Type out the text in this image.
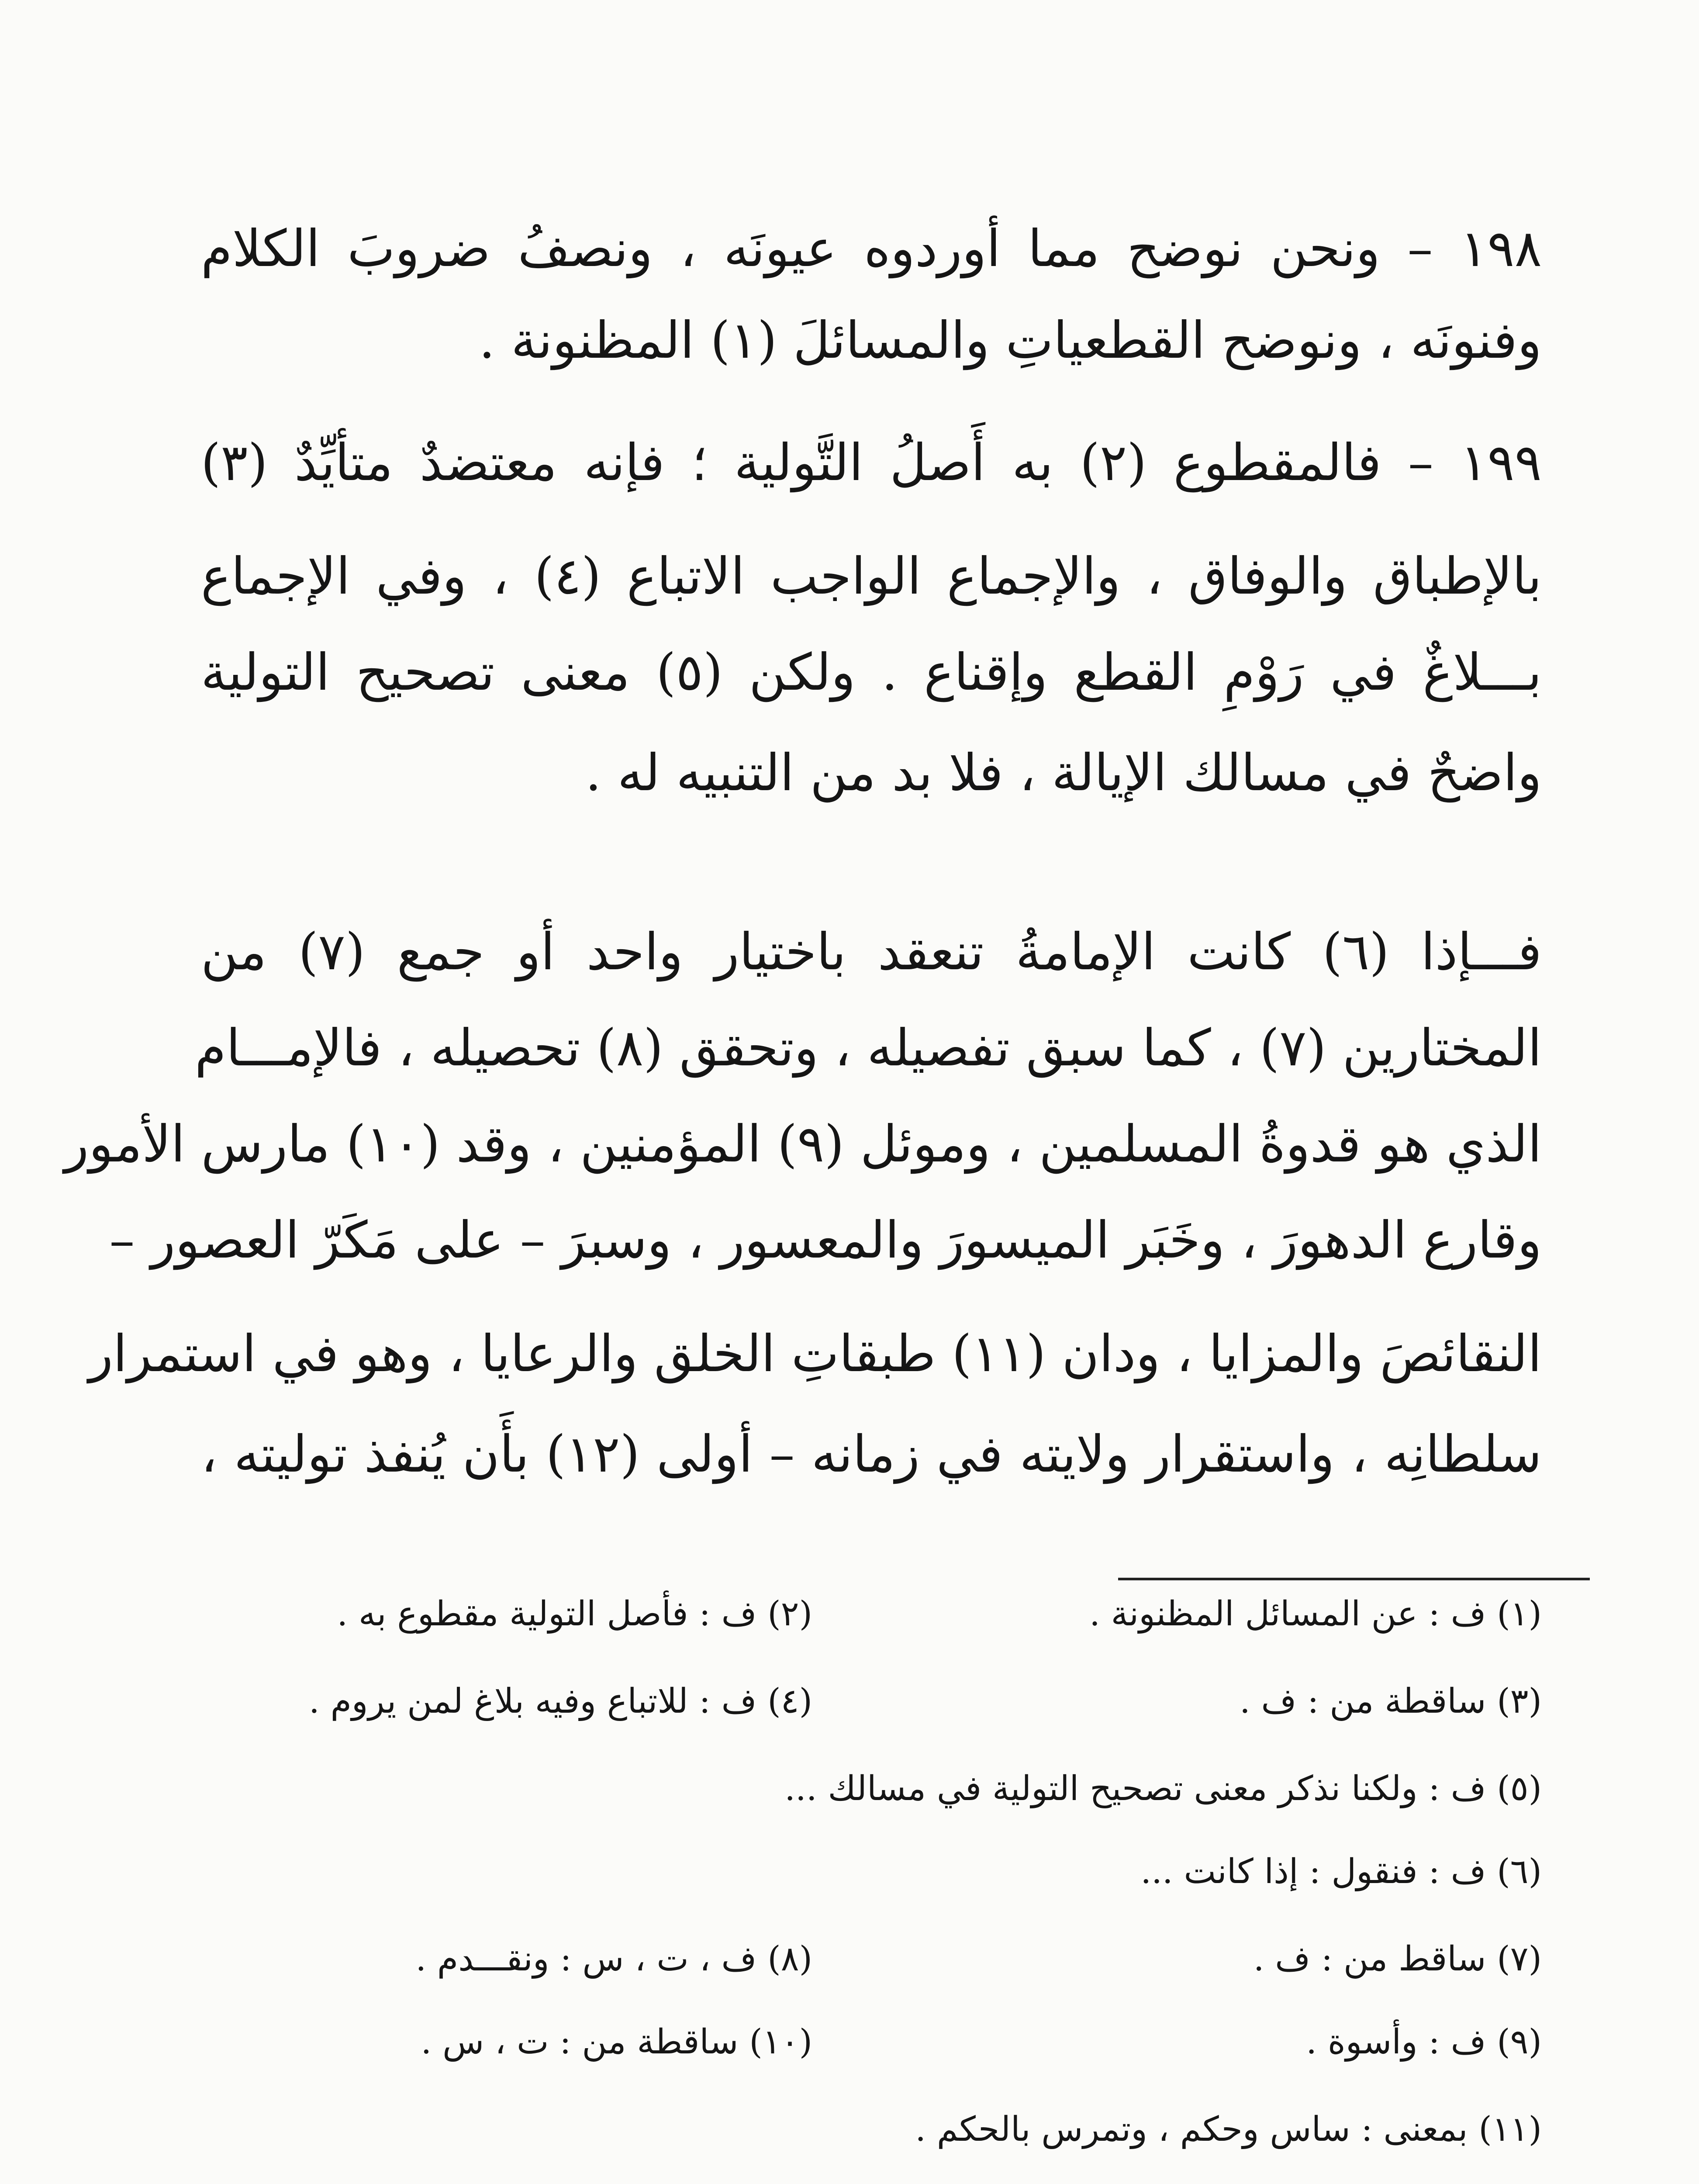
١٩٨ – ونحن نوضح مما أوردوه عيونَه ، ونصفُ ضروبَ الكلام
وفنونَه ، ونوضح القطعياتِ والمسائلَ (١) المظنونة .
١٩٩ – فالمقطوع (٢) به أَصلُ التَّولية ؛ فإنه معتضدٌ متأيِّدٌ (٣)
بالإطباق والوفاق ، والإجماع الواجب الاتباع (٤) ، وفي الإجماع
بـــلاغٌ في رَوْمِ القطع وإقناع . ولكن (٥) معنى تصحيح التولية
واضحٌ في مسالك الإيالة ، فلا بد من التنبيه له .
فـــإذا (٦) كانت الإمامةُ تنعقد باختيار واحد أو جمع (٧) من
المختارين (٧) ، كما سبق تفصيله ، وتحقق (٨) تحصيله ، فالإمـــام
الذي هو قدوةُ المسلمين ، وموئل (٩) المؤمنين ، وقد (١٠) مارس الأمور
وقارع الدهورَ ، وخَبَر الميسورَ والمعسور ، وسبرَ – على مَكَرّ العصور –
النقائصَ والمزايا ، ودان (١١) طبقاتِ الخلق والرعايا ، وهو في استمرار
سلطانِه ، واستقرار ولايته في زمانه – أولى (١٢) بأَن يُنفذ توليته ،
(١) ف : عن المسائل المظنونة .
(٢) ف : فأصل التولية مقطوع به .
(٣) ساقطة من : ف .
(٤) ف : للاتباع وفيه بلاغ لمن يروم .
(٥) ف : ولكنا نذكر معنى تصحيح التولية في مسالك ...
(٦) ف : فنقول : إذا كانت ...
(٧) ساقط من : ف .
(٨) ف ، ت ، س : ونقـــدم .
(٩) ف : وأسوة .
(١٠) ساقطة من : ت ، س .
(١١) بمعنى : ساس وحكم ، وتمرس بالحكم .
